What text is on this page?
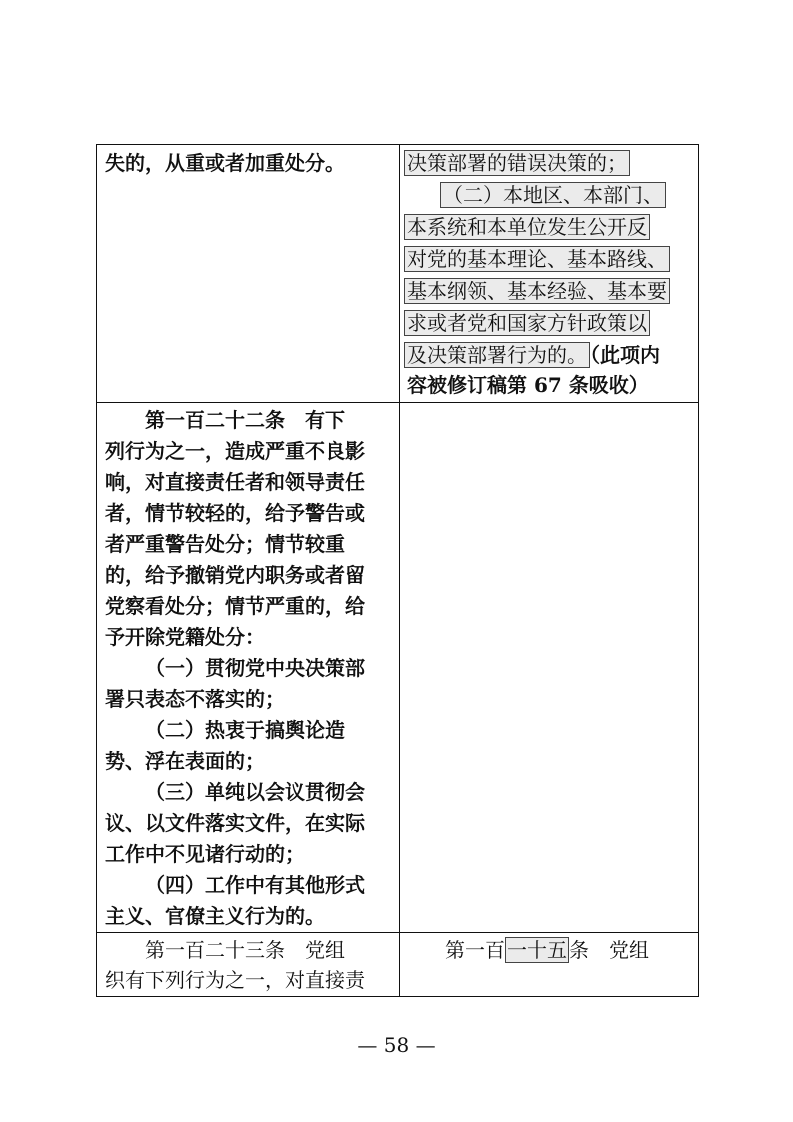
失的，从重或者加重处分。	决策部署的错误决策的；
（二）本地区、本部门、
本系统和本单位发生公开反
对党的基本理论、基本路线、
基本纲领、基本经验、基本要
求或者党和国家方针政策以
及决策部署行为的。 （此项内
容被修订稿第 67 条吸收）
第一百二十二条　有下
列行为之一，造成严重不良影
响，对直接责任者和领导责任
者，情节较轻的，给予警告或
者严重警告处分；情节较重
的，给予撤销党内职务或者留
党察看处分；情节严重的，给
予开除党籍处分：
（一）贯彻党中央决策部
署只表态不落实的；
（二）热衷于搞舆论造
势、浮在表面的；
（三）单纯以会议贯彻会
议、以文件落实文件，在实际
工作中不见诸行动的；
（四）工作中有其他形式
主义、官僚主义行为的。
第一百二十三条　党组
织有下列行为之一，对直接责
第一百 一十五 条　党组
— 58 —
